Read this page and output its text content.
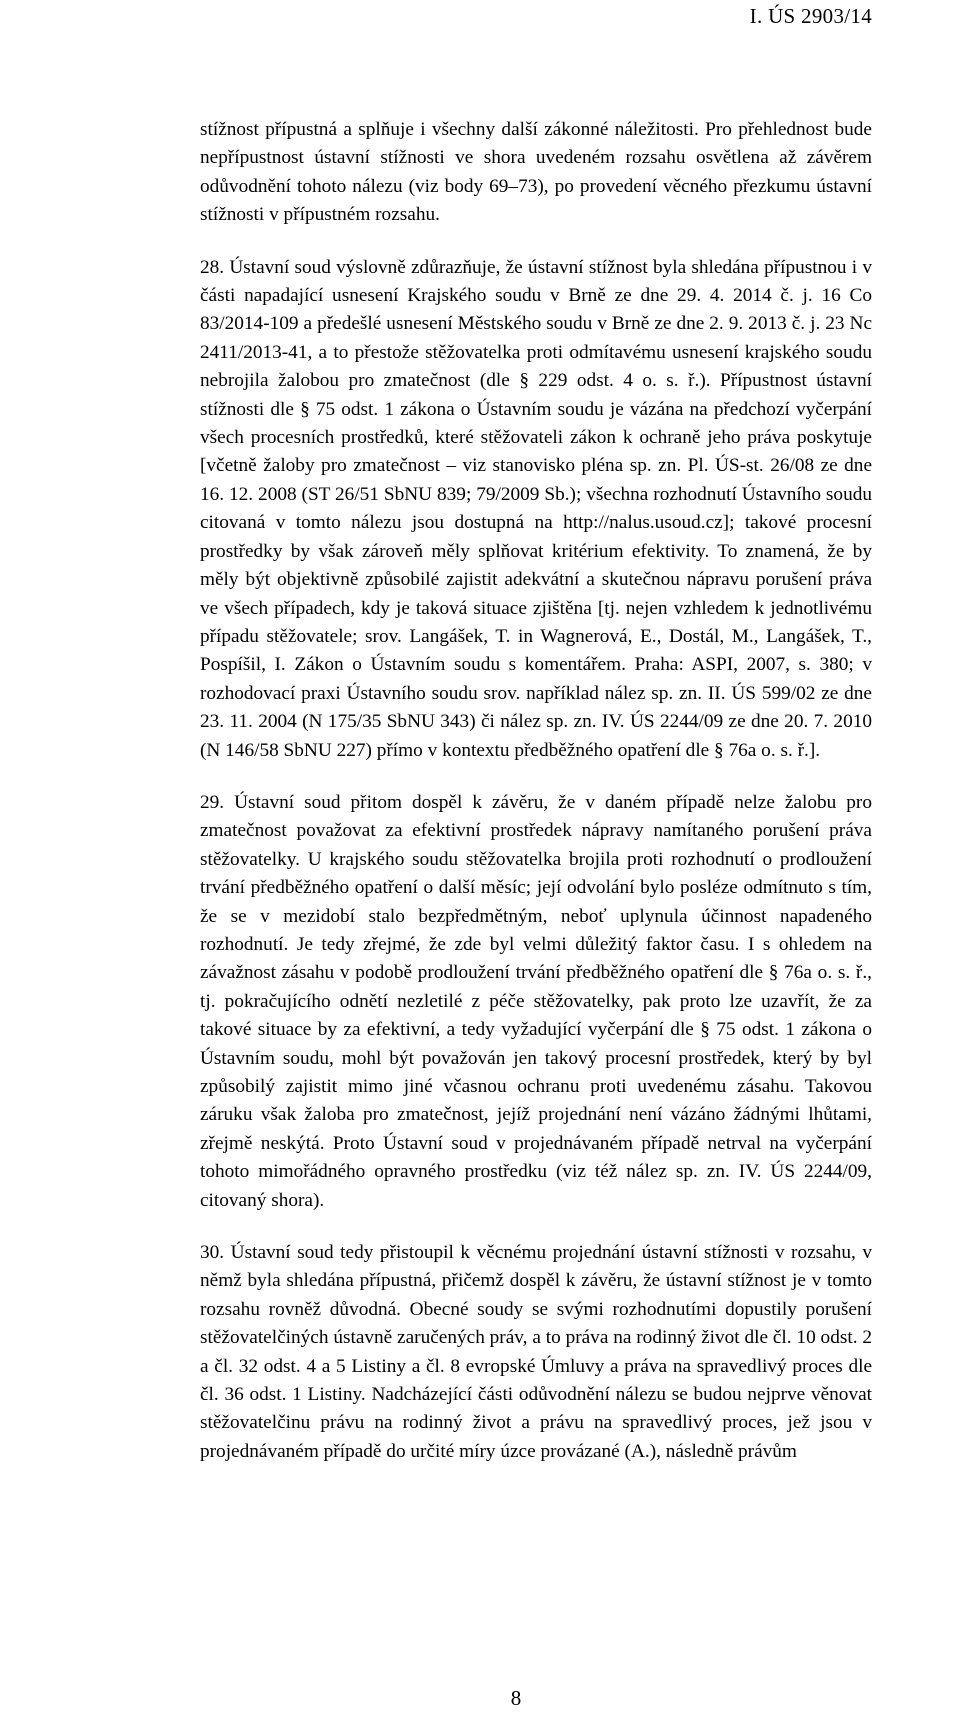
I. ÚS 2903/14

stížnost přípustná a splňuje i všechny další zákonné náležitosti. Pro přehlednost bude nepřípustnost ústavní stížnosti ve shora uvedeném rozsahu osvětlena až závěrem odůvodnění tohoto nálezu (viz body 69–73), po provedení věcného přezkumu ústavní stížnosti v přípustném rozsahu.

28. Ústavní soud výslovně zdůrazňuje, že ústavní stížnost byla shledána přípustnou i v části napadající usnesení Krajského soudu v Brně ze dne 29. 4. 2014 č. j. 16 Co 83/2014-109 a předešlé usnesení Městského soudu v Brně ze dne 2. 9. 2013 č. j. 23 Nc 2411/2013-41, a to přestože stěžovatelka proti odmítavému usnesení krajského soudu nebrojila žalobou pro zmatečnost (dle § 229 odst. 4 o. s. ř.). Přípustnost ústavní stížnosti dle § 75 odst. 1 zákona o Ústavním soudu je vázána na předchozí vyčerpání všech procesních prostředků, které stěžovateli zákon k ochraně jeho práva poskytuje [včetně žaloby pro zmatečnost – viz stanovisko pléna sp. zn. Pl. ÚS-st. 26/08 ze dne 16. 12. 2008 (ST 26/51 SbNU 839; 79/2009 Sb.); všechna rozhodnutí Ústavního soudu citovaná v tomto nálezu jsou dostupná na http://nalus.usoud.cz]; takové procesní prostředky by však zároveň měly splňovat kritérium efektivity. To znamená, že by měly být objektivně způsobilé zajistit adekvátní a skutečnou nápravu porušení práva ve všech případech, kdy je taková situace zjištěna [tj. nejen vzhledem k jednotlivému případu stěžovatele; srov. Langášek, T. in Wagnerová, E., Dostál, M., Langášek, T., Pospíšil, I. Zákon o Ústavním soudu s komentářem. Praha: ASPI, 2007, s. 380; v rozhodovací praxi Ústavního soudu srov. například nález sp. zn. II. ÚS 599/02 ze dne 23. 11. 2004 (N 175/35 SbNU 343) či nález sp. zn. IV. ÚS 2244/09 ze dne 20. 7. 2010 (N 146/58 SbNU 227) přímo v kontextu předběžného opatření dle § 76a o. s. ř.].

29. Ústavní soud přitom dospěl k závěru, že v daném případě nelze žalobu pro zmatečnost považovat za efektivní prostředek nápravy namítaného porušení práva stěžovatelky. U krajského soudu stěžovatelka brojila proti rozhodnutí o prodloužení trvání předběžného opatření o další měsíc; její odvolání bylo posléze odmítnuto s tím, že se v mezidobí stalo bezpředmětným, neboť uplynula účinnost napadeného rozhodnutí. Je tedy zřejmé, že zde byl velmi důležitý faktor času. I s ohledem na závažnost zásahu v podobě prodloužení trvání předběžného opatření dle § 76a o. s. ř., tj. pokračujícího odnětí nezletilé z péče stěžovatelky, pak proto lze uzavřít, že za takové situace by za efektivní, a tedy vyžadující vyčerpání dle § 75 odst. 1 zákona o Ústavním soudu, mohl být považován jen takový procesní prostředek, který by byl způsobilý zajistit mimo jiné včasnou ochranu proti uvedenému zásahu. Takovou záruku však žaloba pro zmatečnost, jejíž projednání není vázáno žádnými lhůtami, zřejmě neskýtá. Proto Ústavní soud v projednávaném případě netrval na vyčerpání tohoto mimořádného opravného prostředku (viz též nález sp. zn. IV. ÚS 2244/09, citovaný shora).

30. Ústavní soud tedy přistoupil k věcnému projednání ústavní stížnosti v rozsahu, v němž byla shledána přípustná, přičemž dospěl k závěru, že ústavní stížnost je v tomto rozsahu rovněž důvodná. Obecné soudy se svými rozhodnutími dopustily porušení stěžovatelčiných ústavně zaručených práv, a to práva na rodinný život dle čl. 10 odst. 2 a čl. 32 odst. 4 a 5 Listiny a čl. 8 evropské Úmluvy a práva na spravedlivý proces dle čl. 36 odst. 1 Listiny. Nadcházející části odůvodnění nálezu se budou nejprve věnovat stěžovatelčinu právu na rodinný život a právu na spravedlivý proces, jež jsou v projednávaném případě do určité míry úzce provázané (A.), následně právům

8
